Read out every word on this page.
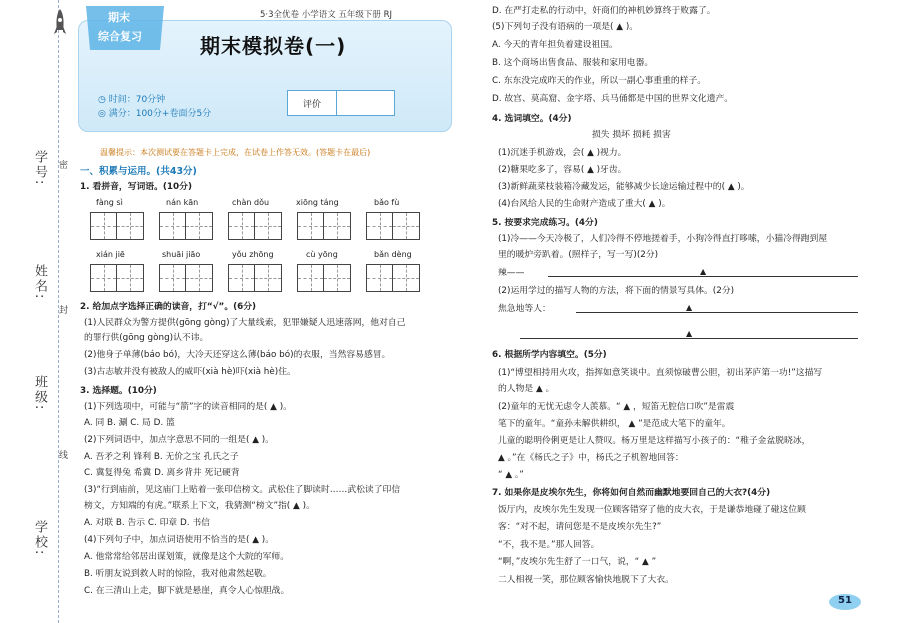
学号: 密
姓名:
封
班级:
线
学校:
期末
综合复习
5·3全优卷 小学语文 五年级下册 RJ
期末模拟卷(一)
◷ 时间：70分钟
◎ 满分：100分+卷面分5分
评价
温馨提示：本次测试要在答题卡上完成，在试卷上作答无效。(答题卡在最后)
一、积累与运用。(共43分)
1. 看拼音，写词语。(10分)
fàng sì	nán kān	chàn dǒu	xiōng táng	bǎo fù
xián jiē	shuāi jiāo	yǒu zhōng	cù yōng	bǎn dèng
2. 给加点字选择正确的读音，打“√”。(6分)
(1)人民群众为警方提供(gōng gòng)了大量线索，犯罪嫌疑人迅速落网，他对自己
的罪行供(gōng gòng)认不讳。
(2)他身子单薄(báo bó)，大冷天还穿这么薄(báo bó)的衣服，当然容易感冒。
(3)古志敏并没有被敌人的威吓(xià hè)吓(xià hè)住。
3. 选择题。(10分)
(1)下列选项中，可能与“箭”字的读音相同的是( ▲ )。
A. 同 B. 涮 C. 局 D. 篮
(2)下列词语中，加点字意思不同的一组是( ▲ )。
A. 吾矛之利 锋利 B. 无价之宝 孔氏之子
C. 冀复得兔 希冀 D. 离乡背井 死记硬背
(3)“行到庙前，见这庙门上贴着一张印信榜文。武松住了脚读时……武松读了印信
榜文，方知端的有虎。”联系上下文，我猜测“榜文”指( ▲ )。
A. 对联 B. 告示 C. 印章 D. 书信
(4)下列句子中，加点词语使用不恰当的是( ▲ )。
A. 他常常给邻居出谋划策，就像是这个大院的军师。
B. 听朋友说到救人时的惊险，我对他肃然起敬。
C. 在三清山上走，脚下就是悬崖，真令人心惊胆战。
D. 在严打走私的行动中，奸商们的神机妙算终于败露了。
(5)下列句子没有语病的一项是( ▲ )。
A. 今天的青年担负着建设祖国。
B. 这个商场出售食品、服装和家用电器。
C. 东东没完成昨天的作业，所以一副心事重重的样子。
D. 故宫、莫高窟、金字塔、兵马俑都是中国的世界文化遗产。
4. 选词填空。(4分)
损失 损坏 损耗 损害
(1)沉迷手机游戏，会( ▲ )视力。
(2)糖果吃多了，容易( ▲ )牙齿。
(3)新鲜蔬菜枝装箱冷藏发运，能够减少长途运输过程中的( ▲ )。
(4)台风给人民的生命财产造成了重大( ▲ )。
5. 按要求完成练习。(4分)
(1)冷——今天冷极了，人们冷得不停地搓着手，小狗冷得直打哆嗦，小猫冷得跑到屋
里的暖炉旁趴着。(照样子，写一写)(2分)
辣——	▲
(2)运用学过的描写人物的方法，将下面的情景写具体。(2分)
焦急地等人：	▲
▲
6. 根据所学内容填空。(5分)
(1)“博望相持用火攻，指挥如意笑谈中。直须惊破曹公胆，初出茅庐第一功!”这描写
的人物是 ▲ 。
(2)童年的无忧无虑令人羡慕。“ ▲ ，短笛无腔信口吹”是雷震
笔下的童年。“童孙未解供耕织， ▲ ”是范成大笔下的童年。
儿童的聪明伶俐更是让人赞叹。杨万里是这样描写小孩子的：“稚子金盆脱晓冰，
▲ 。”在《杨氏之子》中，杨氏之子机智地回答：
“ ▲ 。”
7. 如果你是皮埃尔先生，你将如何自然而幽默地要回自己的大衣?(4分)
饭厅内，皮埃尔先生发现一位顾客错穿了他的皮大衣，于是谦恭地碰了碰这位顾
客：“对不起，请问您是不是皮埃尔先生?”
“不，我不是。”那人回答。
“啊，”皮埃尔先生舒了一口气，说，“ ▲ ”
二人相视一笑，那位顾客愉快地脱下了大衣。
51
